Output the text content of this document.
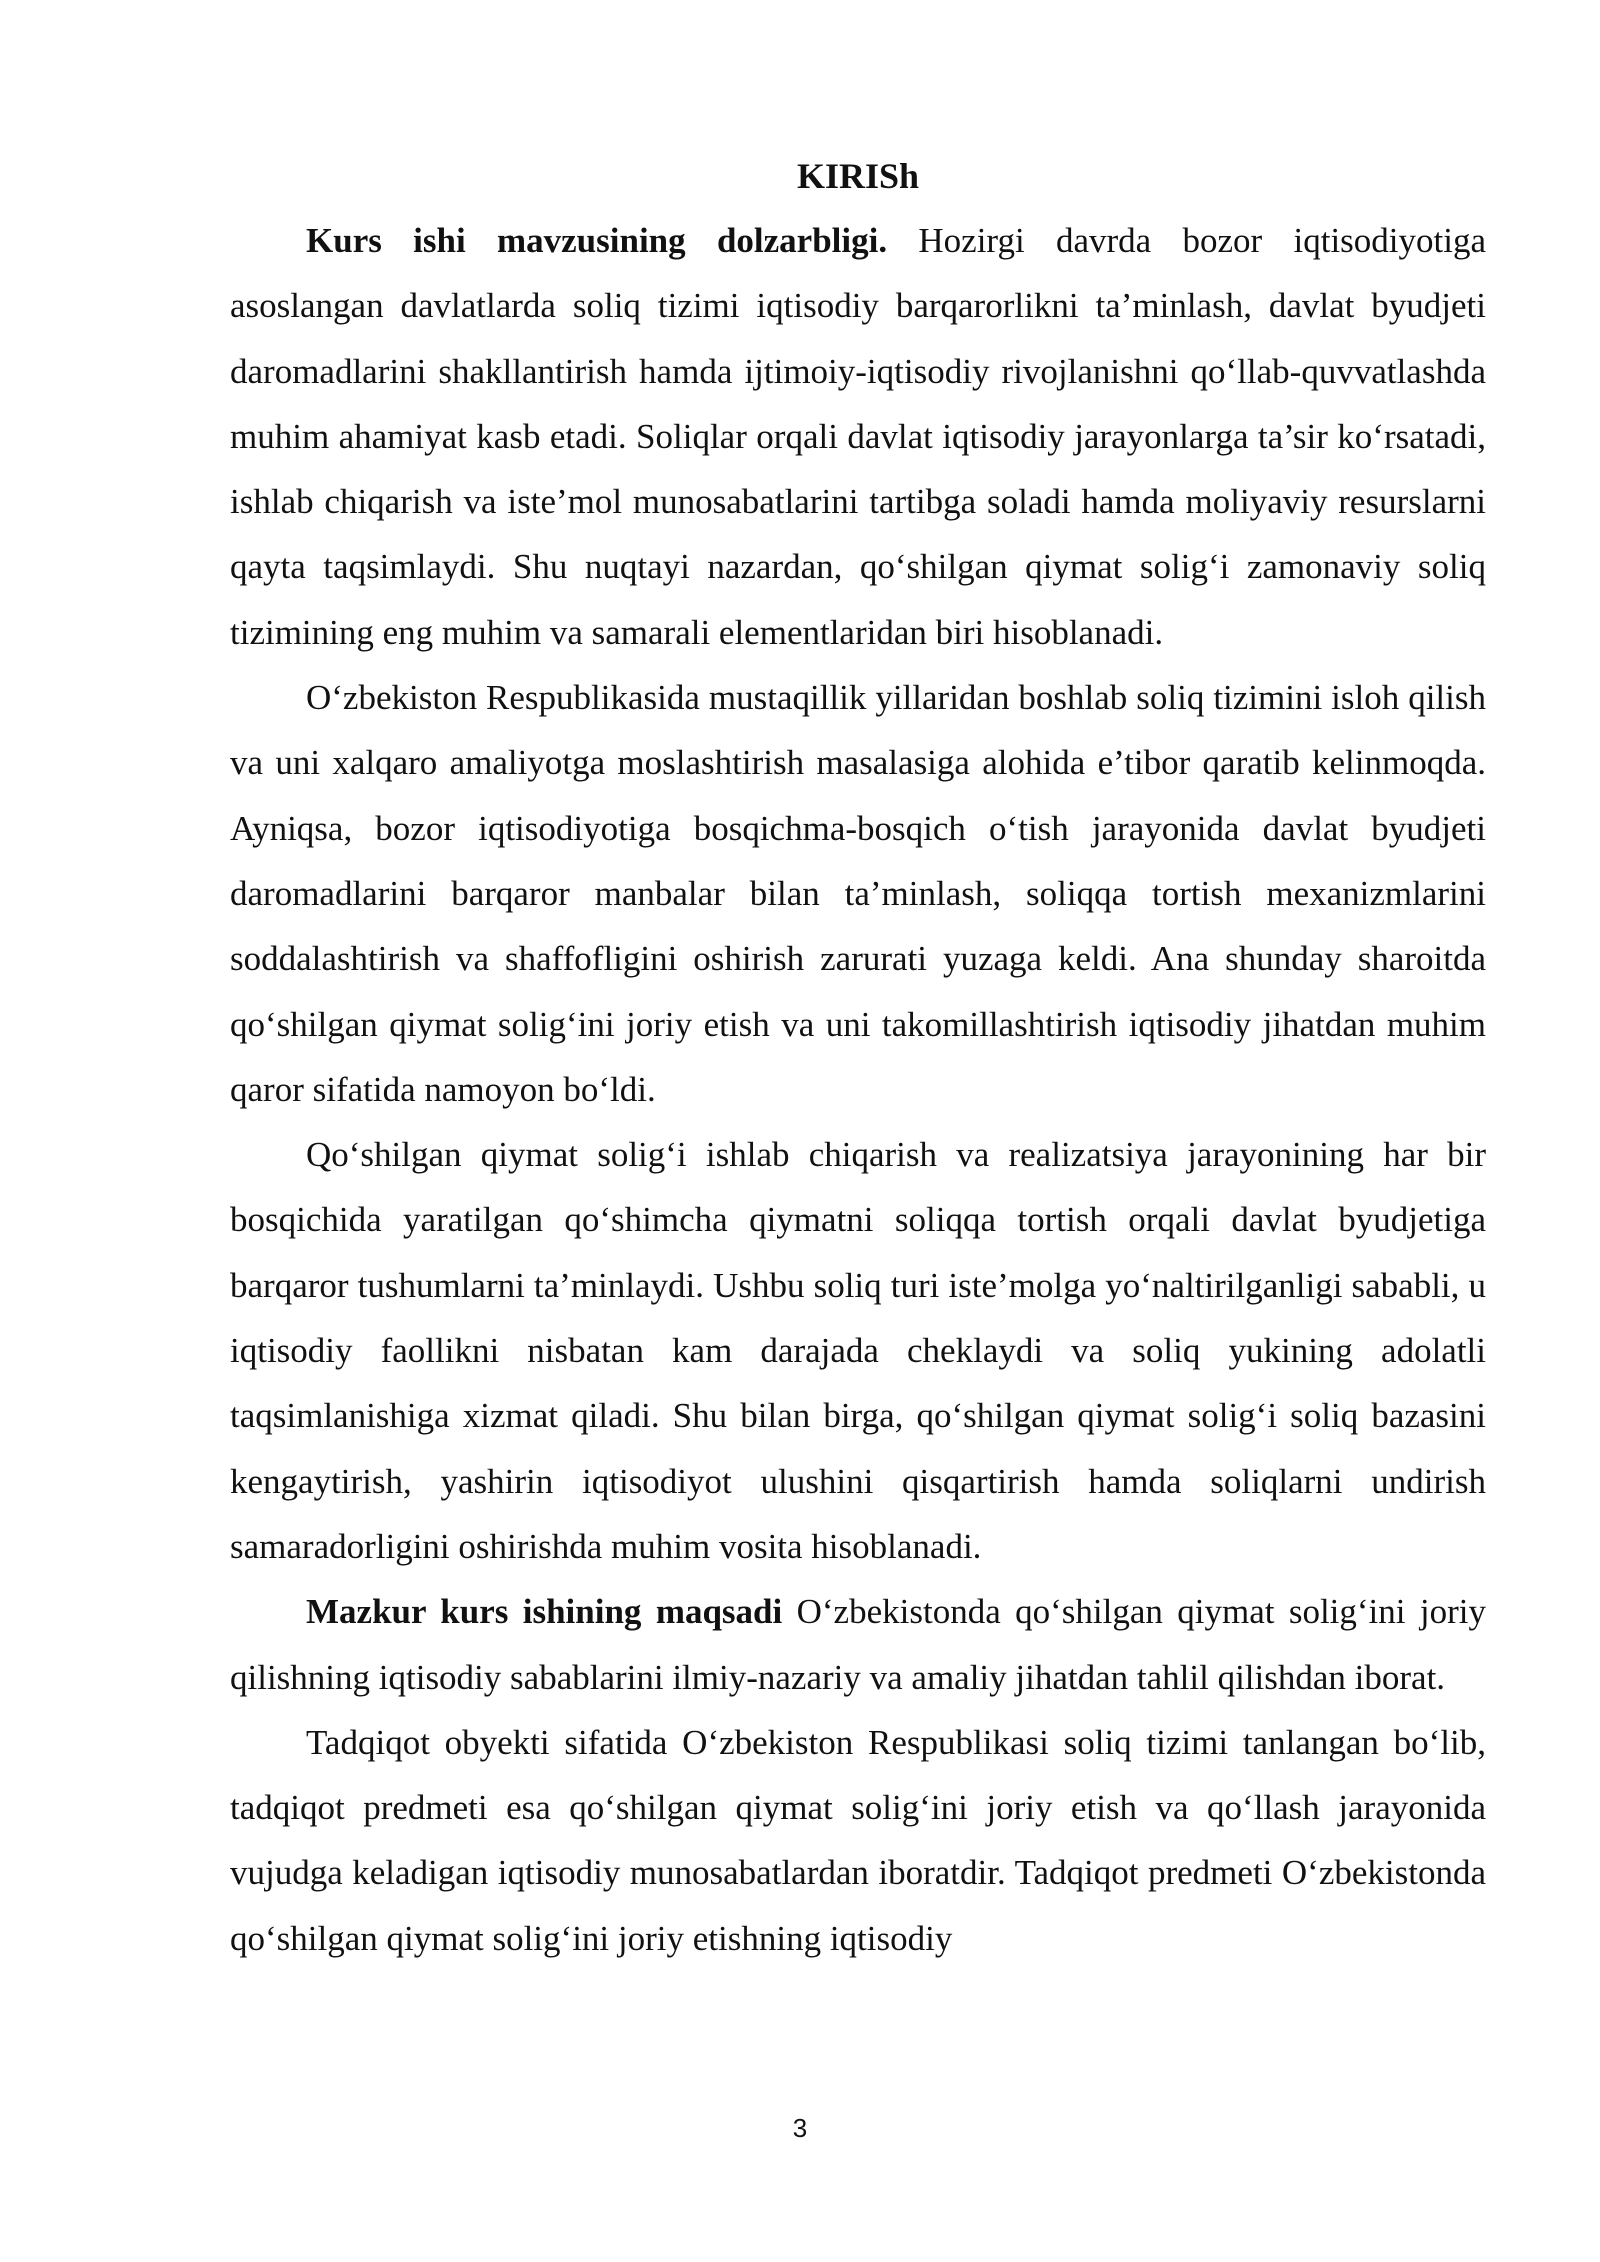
KIRISh

Kurs ishi mavzusining dolzarbligi. Hozirgi davrda bozor iqtisodiyotiga asoslangan davlatlarda soliq tizimi iqtisodiy barqarorlikni ta’minlash, davlat byudjeti daromadlarini shakllantirish hamda ijtimoiy-iqtisodiy rivojlanishni qo‘llab-quvvatlashda muhim ahamiyat kasb etadi. Soliqlar orqali davlat iqtisodiy jarayonlarga ta’sir ko‘rsatadi, ishlab chiqarish va iste’mol munosabatlarini tartibga soladi hamda moliyaviy resurslarni qayta taqsimlaydi. Shu nuqtayi nazardan, qo‘shilgan qiymat solig‘i zamonaviy soliq tizimining eng muhim va samarali elementlaridan biri hisoblanadi.

O‘zbekiston Respublikasida mustaqillik yillaridan boshlab soliq tizimini isloh qilish va uni xalqaro amaliyotga moslashtirish masalasiga alohida e’tibor qaratib kelinmoqda. Ayniqsa, bozor iqtisodiyotiga bosqichma-bosqich o‘tish jarayonida davlat byudjeti daromadlarini barqaror manbalar bilan ta’minlash, soliqqa tortish mexanizmlarini soddalashtirish va shaffofligini oshirish zarurati yuzaga keldi. Ana shunday sharoitda qo‘shilgan qiymat solig‘ini joriy etish va uni takomillashtirish iqtisodiy jihatdan muhim qaror sifatida namoyon bo‘ldi.

Qo‘shilgan qiymat solig‘i ishlab chiqarish va realizatsiya jarayonining har bir bosqichida yaratilgan qo‘shimcha qiymatni soliqqa tortish orqali davlat byudjetiga barqaror tushumlarni ta’minlaydi. Ushbu soliq turi iste’molga yo‘naltirilganligi sababli, u iqtisodiy faollikni nisbatan kam darajada cheklaydi va soliq yukining adolatli taqsimlanishiga xizmat qiladi. Shu bilan birga, qo‘shilgan qiymat solig‘i soliq bazasini kengaytirish, yashirin iqtisodiyot ulushini qisqartirish hamda soliqlarni undirish samaradorligini oshirishda muhim vosita hisoblanadi.

Mazkur kurs ishining maqsadi O‘zbekistonda qo‘shilgan qiymat solig‘ini joriy qilishning iqtisodiy sabablarini ilmiy-nazariy va amaliy jihatdan tahlil qilishdan iborat.

Tadqiqot obyekti sifatida O‘zbekiston Respublikasi soliq tizimi tanlangan bo‘lib, tadqiqot predmeti esa qo‘shilgan qiymat solig‘ini joriy etish va qo‘llash jarayonida vujudga keladigan iqtisodiy munosabatlardan iboratdir. Tadqiqot predmeti O‘zbekistonda qo‘shilgan qiymat solig‘ini joriy etishning iqtisodiy

3
